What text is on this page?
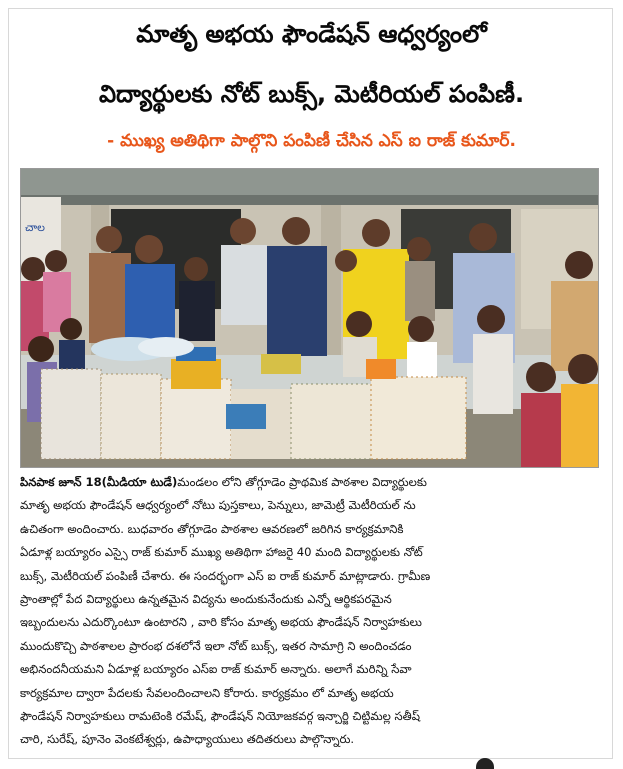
మాతృ అభయ ఫౌండేషన్ ఆధ్వర్యంలో
విద్యార్థులకు నోట్ బుక్స్, మెటీరియల్ పంపిణీ.
- ముఖ్య అతిథిగా పాల్గొని పంపిణీ చేసిన ఎస్ ఐ రాజ్ కుమార్.
చాల
పినపాక జూన్ 18(మీడియా టుడే)మండలం లోని తోగ్గూడెం ప్రాథమిక పాఠశాల విద్యార్థులకు
మాతృ అభయ ఫౌండేషన్ ఆధ్వర్యంలో నోటు పుస్తకాలు, పెన్నులు, జామెట్రీ మెటీరియల్ ను
ఉచితంగా అందించారు. బుధవారం తోగ్గూడెం పాఠశాల ఆవరణలో జరిగిన కార్యక్రమానికి
ఏడూళ్ల బయ్యారం ఎస్సై రాజ్ కుమార్ ముఖ్య అతిథిగా హాజరై 40 మంది విద్యార్థులకు నోట్
బుక్స్, మెటీరియల్ పంపిణీ చేశారు. ఈ సందర్భంగా ఎస్ ఐ రాజ్ కుమార్ మాట్లాడారు. గ్రామీణ
ప్రాంతాల్లో పేద విద్యార్థులు ఉన్నతమైన విద్యను అందుకునేందుకు ఎన్నో ఆర్థికపరమైన
ఇబ్బందులను ఎదుర్కొంటూ ఉంటారని , వారి కోసం మాతృ అభయ ఫౌండేషన్ నిర్వాహకులు
ముందుకొచ్చి పాఠశాలల ప్రారంభ దశలోనే ఇలా నోట్ బుక్స్, ఇతర సామాగ్రి ని అందించడం
అభినందనీయమని ఏడూళ్ల బయ్యారం ఎస్ఐ రాజ్ కుమార్ అన్నారు. అలాగే మరిన్ని సేవా
కార్యక్రమాల ద్వారా పేదలకు సేవలందించాలని కోరారు. కార్యక్రమం లో మాతృ అభయ
ఫౌండేషన్ నిర్వాహకులు రామటెంకి రమేష్, ఫౌండేషన్ నియోజకవర్గ ఇన్చార్జి చిట్టిమల్ల సతీష్
చారి, సురేష్, పూనెం వెంకటేశ్వర్లు, ఉపాధ్యాయులు తదితరులు పాల్గొన్నారు.
